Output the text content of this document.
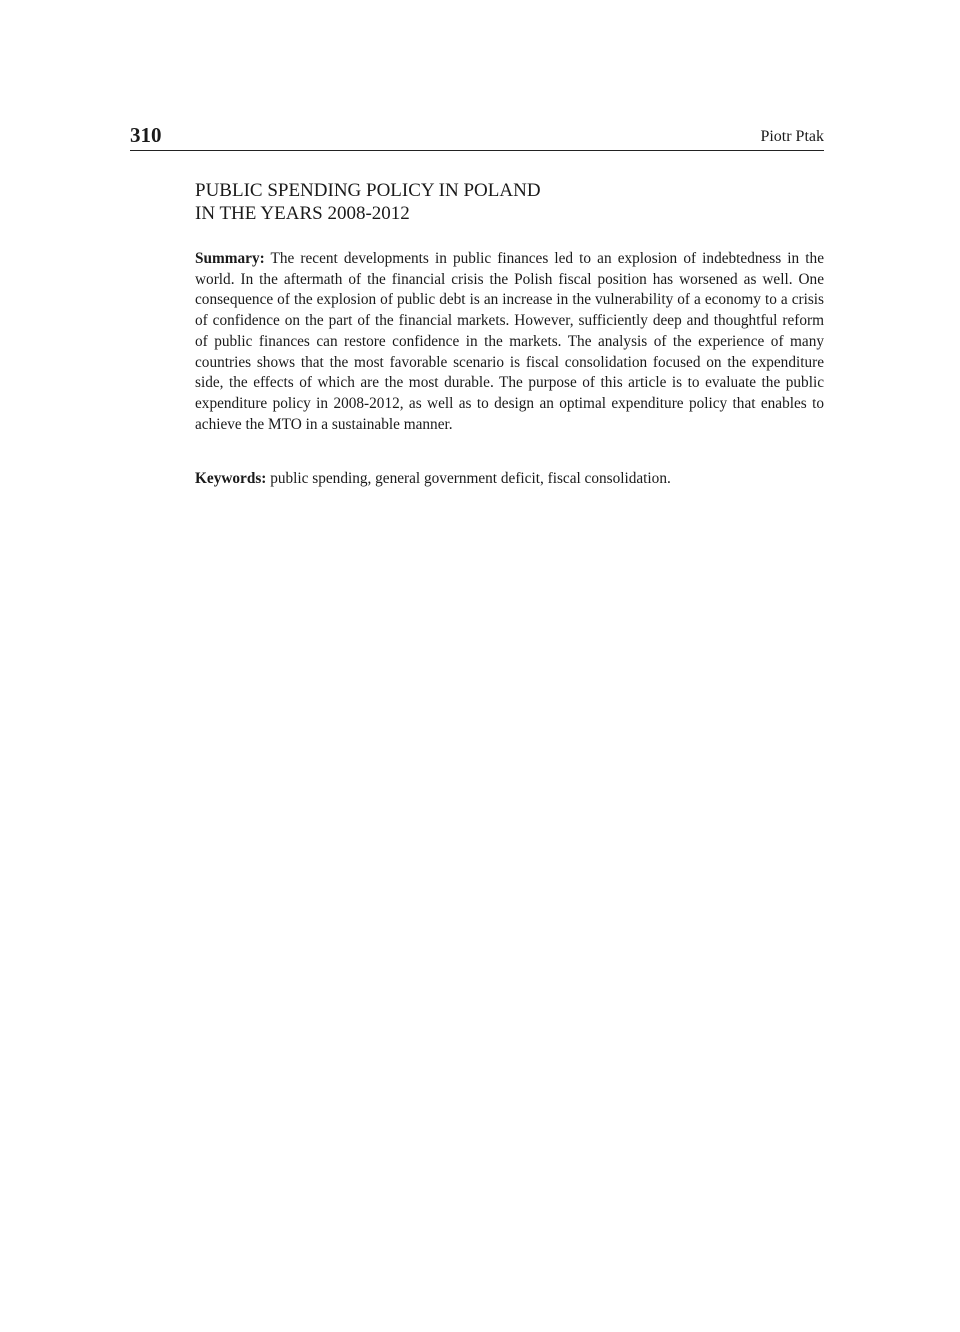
310	Piotr Ptak
PUBLIC SPENDING POLICY IN POLAND
IN THE YEARS 2008-2012

Summary: The recent developments in public finances led to an explosion of indebtedness in the world. In the aftermath of the financial crisis the Polish fiscal position has worsened as well. One consequence of the explosion of public debt is an increase in the vulnerability of a economy to a crisis of confidence on the part of the financial markets. However, sufficiently deep and thoughtful reform of public finances can restore confidence in the markets. The analysis of the experience of many countries shows that the most favorable scenario is fiscal consolidation focused on the expenditure side, the effects of which are the most durable. The purpose of this article is to evaluate the public expenditure policy in 2008-2012, as well as to design an optimal expenditure policy that enables to achieve the MTO in a sustainable manner.

Keywords: public spending, general government deficit, fiscal consolidation.
